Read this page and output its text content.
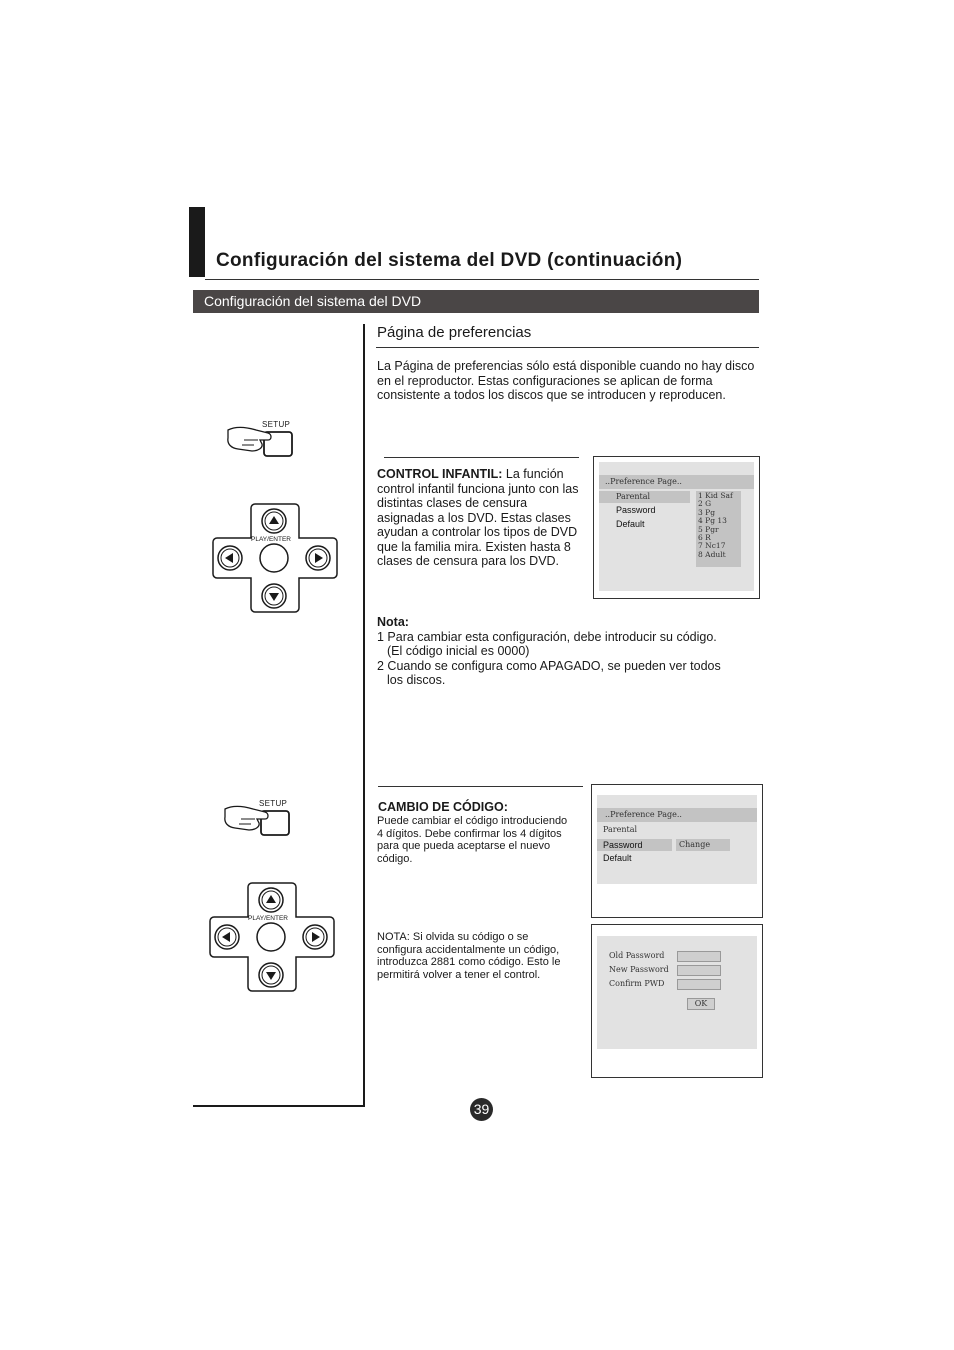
Configuración del sistema del DVD (continuación)
Configuración del sistema del DVD
Página de preferencias
La Página de preferencias sólo está disponible cuando no hay disco en el reproductor. Estas configuraciones se aplican de forma consistente a todos los discos que se introducen y reproducen.
SETUP
PLAY/ENTER
CONTROL INFANTIL: La función control infantil funciona junto con las distintas clases de censura asignadas a los DVD. Estas clases ayudan a controlar los tipos de DVD que la familia mira. Existen hasta 8 clases de censura para los DVD.
..Preference Page..
Parental
Password
Default
1 Kid Saf
2 G
3 Pg
4 Pg 13
5 Pgr
6 R
7 Nc17
8 Adult
Nota:
1 Para cambiar esta configuración, debe introducir su código.
(El código inicial es 0000)
2 Cuando se configura como APAGADO, se pueden ver todos
los discos.
SETUP
PLAY/ENTER
CAMBIO DE CÓDIGO:
Puede cambiar el código introduciendo 4 dígitos. Debe confirmar los 4 dígitos para que pueda aceptarse el nuevo código.
..Preference Page..
Parental
Password	Change
Default
NOTA: Si olvida su código o se configura accidentalmente un código, introduzca 2881 como código. Esto le permitirá volver a tener el control.
Old Password
New Password
Confirm PWD
OK
39
